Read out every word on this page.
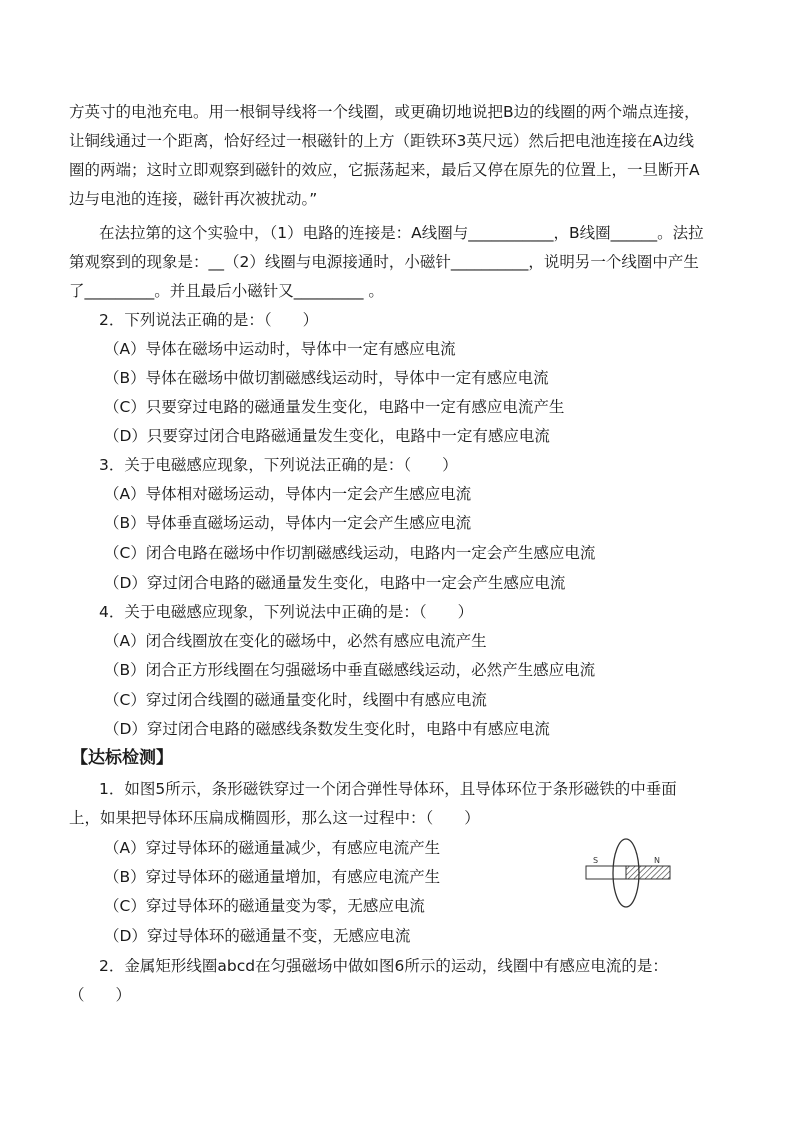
方英寸的电池充电。用一根铜导线将一个线圈，或更确切地说把B边的线圈的两个端点连接，
让铜线通过一个距离，恰好经过一根磁针的上方（距铁环3英尺远）然后把电池连接在A边线
圈的两端；这时立即观察到磁针的效应，它振荡起来，最后又停在原先的位置上，一旦断开A
边与电池的连接，磁针再次被扰动。”
在法拉第的这个实验中，（1）电路的连接是：A线圈与___________，B线圈______。法拉
第观察到的现象是：__（2）线圈与电源接通时，小磁针__________，说明另一个线圈中产生
了_________。并且最后小磁针又_________ 。
2．下列说法正确的是：（　　）
（A）导体在磁场中运动时，导体中一定有感应电流
（B）导体在磁场中做切割磁感线运动时，导体中一定有感应电流
（C）只要穿过电路的磁通量发生变化，电路中一定有感应电流产生
（D）只要穿过闭合电路磁通量发生变化，电路中一定有感应电流
3．关于电磁感应现象，下列说法正确的是：（　　）
（A）导体相对磁场运动，导体内一定会产生感应电流
（B）导体垂直磁场运动，导体内一定会产生感应电流
（C）闭合电路在磁场中作切割磁感线运动，电路内一定会产生感应电流
（D）穿过闭合电路的磁通量发生变化，电路中一定会产生感应电流
4．关于电磁感应现象，下列说法中正确的是：（　　）
（A）闭合线圈放在变化的磁场中，必然有感应电流产生
（B）闭合正方形线圈在匀强磁场中垂直磁感线运动，必然产生感应电流
（C）穿过闭合线圈的磁通量变化时，线圈中有感应电流
（D）穿过闭合电路的磁感线条数发生变化时，电路中有感应电流
【达标检测】
1．如图5所示，条形磁铁穿过一个闭合弹性导体环，且导体环位于条形磁铁的中垂面
上，如果把导体环压扁成椭圆形，那么这一过程中：（　　）
（A）穿过导体环的磁通量减少，有感应电流产生
（B）穿过导体环的磁通量增加，有感应电流产生
（C）穿过导体环的磁通量变为零，无感应电流
（D）穿过导体环的磁通量不变，无感应电流
S	N
2．金属矩形线圈abcd在匀强磁场中做如图6所示的运动，线圈中有感应电流的是：
（　　）
